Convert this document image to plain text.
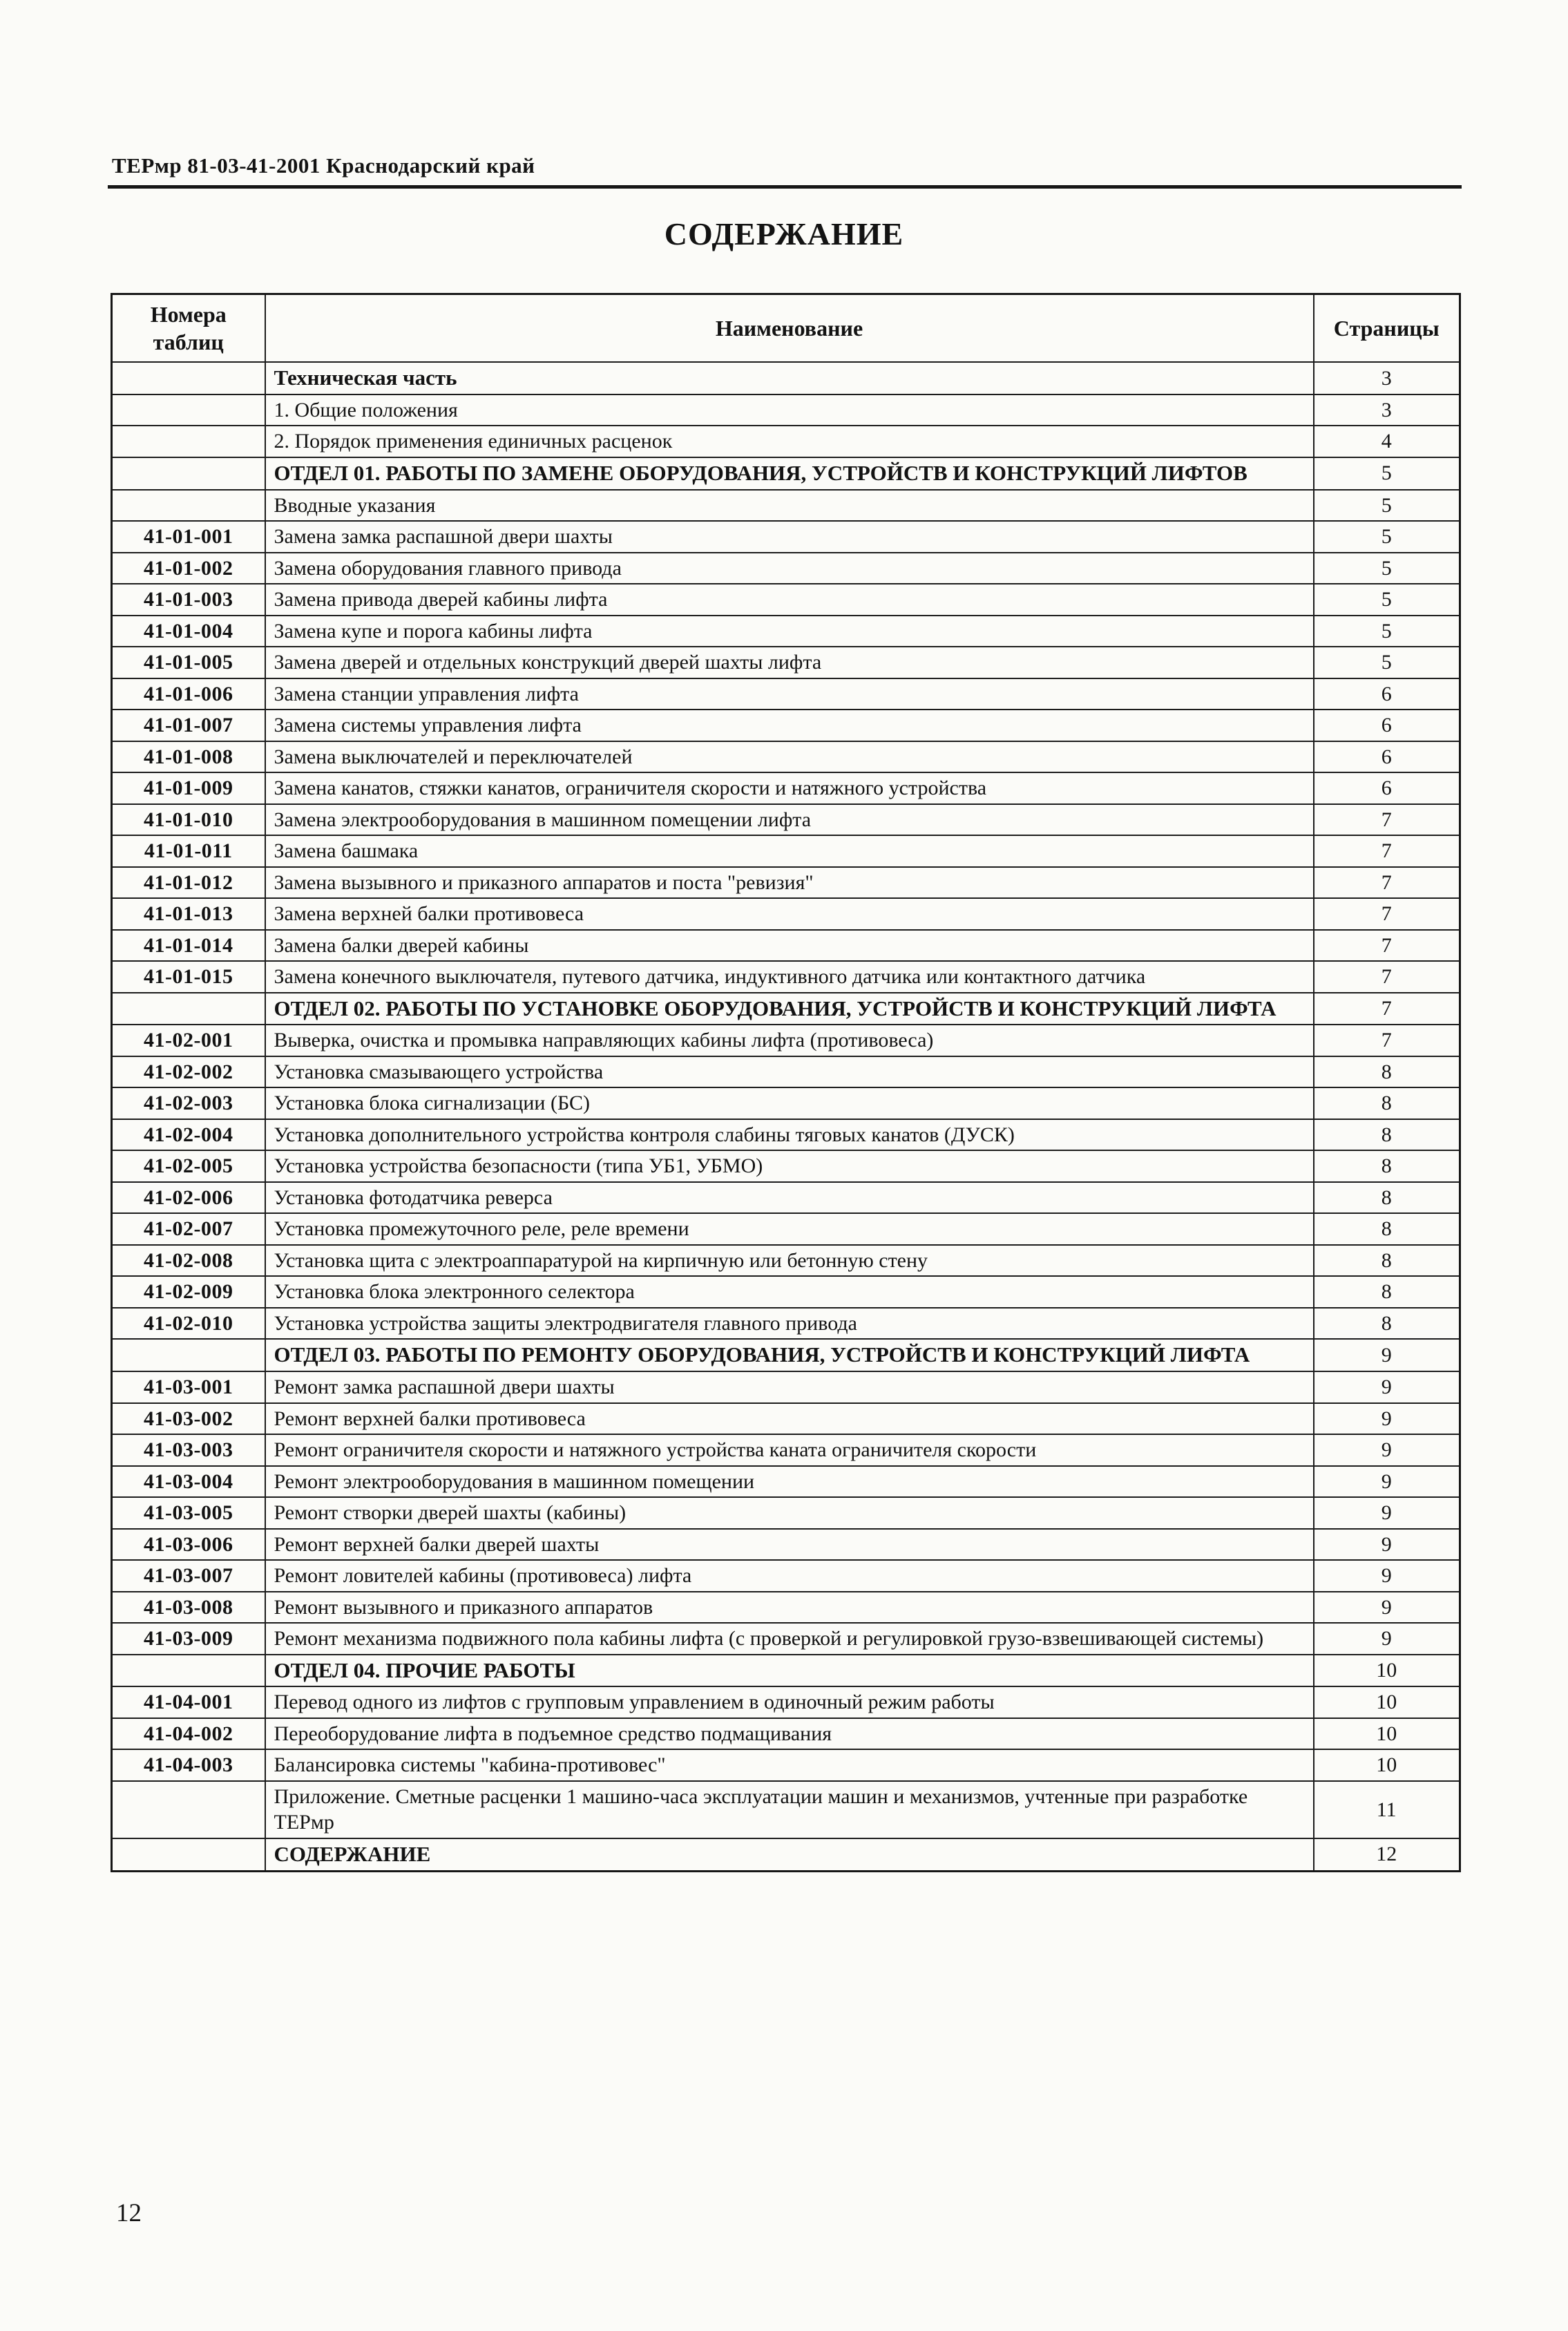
ТЕРмр 81-03-41-2001 Краснодарский край
СОДЕРЖАНИЕ
Номера таблиц	Наименование	Страницы
	Техническая часть	3
	1. Общие положения	3
	2. Порядок применения единичных расценок	4
	ОТДЕЛ 01. РАБОТЫ ПО ЗАМЕНЕ ОБОРУДОВАНИЯ, УСТРОЙСТВ И КОНСТРУКЦИЙ ЛИФТОВ	5
	Вводные указания	5
41-01-001	Замена замка распашной двери шахты	5
41-01-002	Замена оборудования главного привода	5
41-01-003	Замена привода дверей кабины лифта	5
41-01-004	Замена купе и порога кабины лифта	5
41-01-005	Замена дверей и отдельных конструкций дверей шахты лифта	5
41-01-006	Замена станции управления лифта	6
41-01-007	Замена системы управления лифта	6
41-01-008	Замена выключателей и переключателей	6
41-01-009	Замена канатов, стяжки канатов, ограничителя скорости и натяжного устройства	6
41-01-010	Замена электрооборудования в машинном помещении лифта	7
41-01-011	Замена башмака	7
41-01-012	Замена вызывного и приказного аппаратов и поста "ревизия"	7
41-01-013	Замена верхней балки противовеса	7
41-01-014	Замена балки дверей кабины	7
41-01-015	Замена конечного выключателя, путевого датчика, индуктивного датчика или контактного датчика	7
	ОТДЕЛ 02. РАБОТЫ ПО УСТАНОВКЕ ОБОРУДОВАНИЯ, УСТРОЙСТВ И КОНСТРУКЦИЙ ЛИФТА	7
41-02-001	Выверка, очистка и промывка направляющих кабины лифта (противовеса)	7
41-02-002	Установка смазывающего устройства	8
41-02-003	Установка блока сигнализации (БС)	8
41-02-004	Установка дополнительного устройства контроля слабины тяговых канатов (ДУСК)	8
41-02-005	Установка устройства безопасности (типа УБ1, УБМО)	8
41-02-006	Установка фотодатчика реверса	8
41-02-007	Установка промежуточного реле, реле времени	8
41-02-008	Установка щита с электроаппаратурой на кирпичную или бетонную стену	8
41-02-009	Установка блока электронного селектора	8
41-02-010	Установка устройства защиты электродвигателя главного привода	8
	ОТДЕЛ 03. РАБОТЫ ПО РЕМОНТУ ОБОРУДОВАНИЯ, УСТРОЙСТВ И КОНСТРУКЦИЙ ЛИФТА	9
41-03-001	Ремонт замка распашной двери шахты	9
41-03-002	Ремонт верхней балки противовеса	9
41-03-003	Ремонт ограничителя скорости и натяжного устройства каната ограничителя скорости	9
41-03-004	Ремонт электрооборудования в машинном помещении	9
41-03-005	Ремонт створки дверей шахты (кабины)	9
41-03-006	Ремонт верхней балки дверей шахты	9
41-03-007	Ремонт ловителей кабины (противовеса) лифта	9
41-03-008	Ремонт вызывного и приказного аппаратов	9
41-03-009	Ремонт механизма подвижного пола кабины лифта (с проверкой и регулировкой грузо-взвешивающей системы)	9
	ОТДЕЛ 04. ПРОЧИЕ РАБОТЫ	10
41-04-001	Перевод одного из лифтов с групповым управлением в одиночный режим работы	10
41-04-002	Переоборудование лифта в подъемное средство подмащивания	10
41-04-003	Балансировка системы "кабина-противовес"	10
	Приложение. Сметные расценки 1 машино-часа эксплуатации машин и механизмов, учтенные при разработке ТЕРмр	11
	СОДЕРЖАНИЕ	12
12
